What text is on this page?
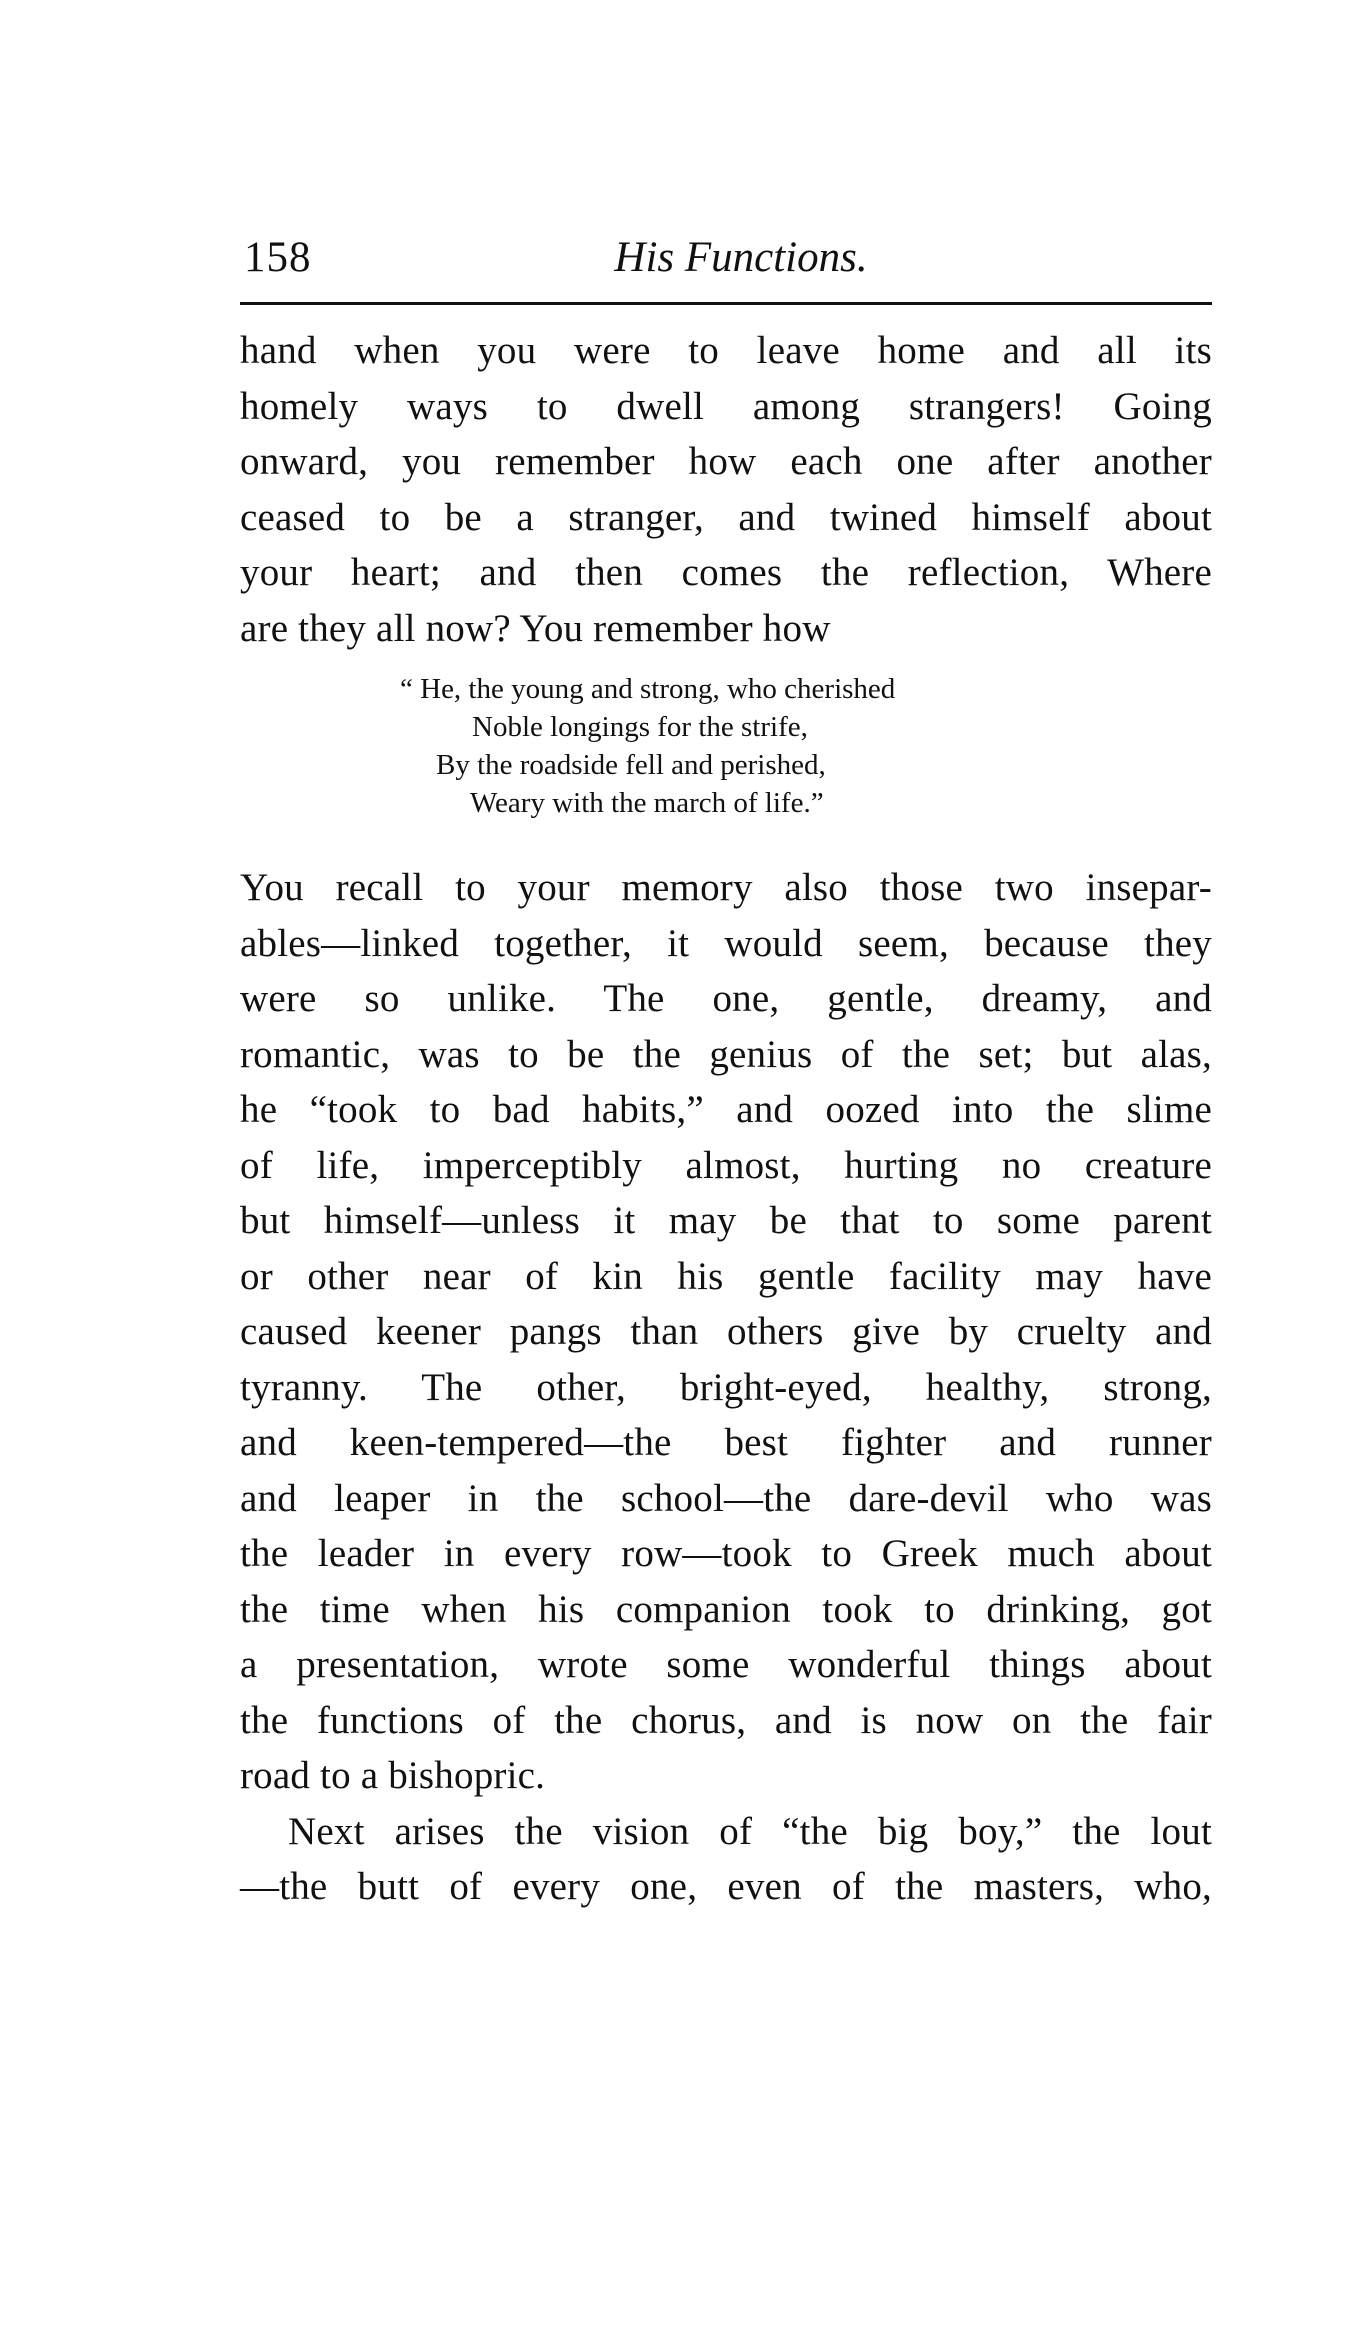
158	His Functions.
hand when you were to leave home and all its
homely ways to dwell among strangers! Going
onward, you remember how each one after another
ceased to be a stranger, and twined himself about
your heart; and then comes the reflection, Where
are they all now? You remember how
“ He, the young and strong, who cherished
Noble longings for the strife,
By the roadside fell and perished,
Weary with the march of life.”
You recall to your memory also those two insepar-
ables—linked together, it would seem, because they
were so unlike. The one, gentle, dreamy, and
romantic, was to be the genius of the set; but alas,
he “took to bad habits,” and oozed into the slime
of life, imperceptibly almost, hurting no creature
but himself—unless it may be that to some parent
or other near of kin his gentle facility may have
caused keener pangs than others give by cruelty and
tyranny. The other, bright-eyed, healthy, strong,
and keen-tempered—the best fighter and runner
and leaper in the school—the dare-devil who was
the leader in every row—took to Greek much about
the time when his companion took to drinking, got
a presentation, wrote some wonderful things about
the functions of the chorus, and is now on the fair
road to a bishopric.
Next arises the vision of “the big boy,” the lout
—the butt of every one, even of the masters, who,
